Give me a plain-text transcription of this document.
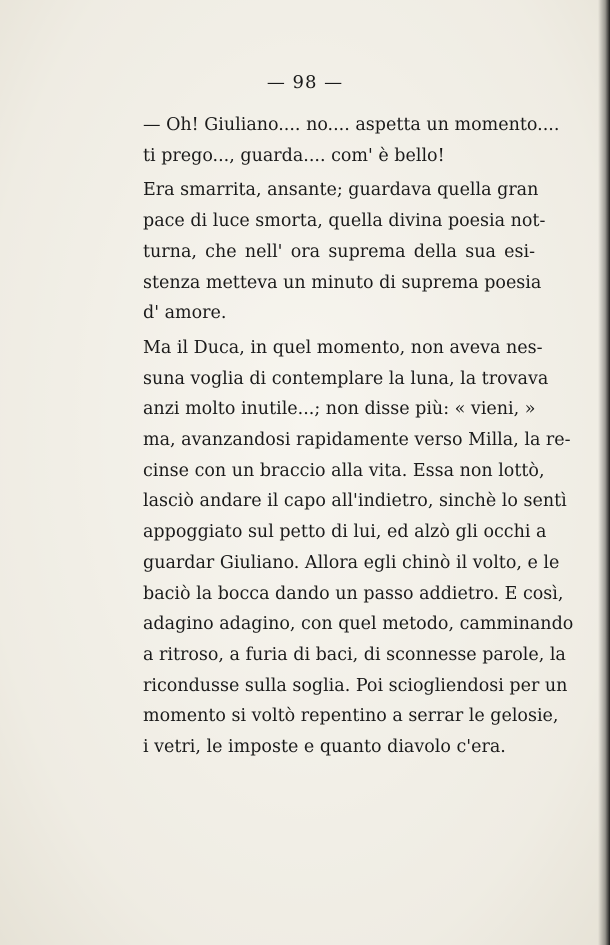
— 98 —

— Oh! Giuliano.... no.... aspetta un momento....
ti prego..., guarda.... com' è bello!

Era smarrita, ansante; guardava quella gran
pace di luce smorta, quella divina poesia not-
turna, che nell' ora suprema della sua esi-
stenza metteva un minuto di suprema poesia
d' amore.

Ma il Duca, in quel momento, non aveva nes-
suna voglia di contemplare la luna, la trovava
anzi molto inutile...; non disse più: « vieni, »
ma, avanzandosi rapidamente verso Milla, la re-
cinse con un braccio alla vita. Essa non lottò,
lasciò andare il capo all'indietro, sinchè lo sentì
appoggiato sul petto di lui, ed alzò gli occhi a
guardar Giuliano. Allora egli chinò il volto, e le
baciò la bocca dando un passo addietro. E così,
adagino adagino, con quel metodo, camminando
a ritroso, a furia di baci, di sconnesse parole, la
ricondusse sulla soglia. Poi sciogliendosi per un
momento si voltò repentino a serrar le gelosie,
i vetri, le imposte e quanto diavolo c'era.
